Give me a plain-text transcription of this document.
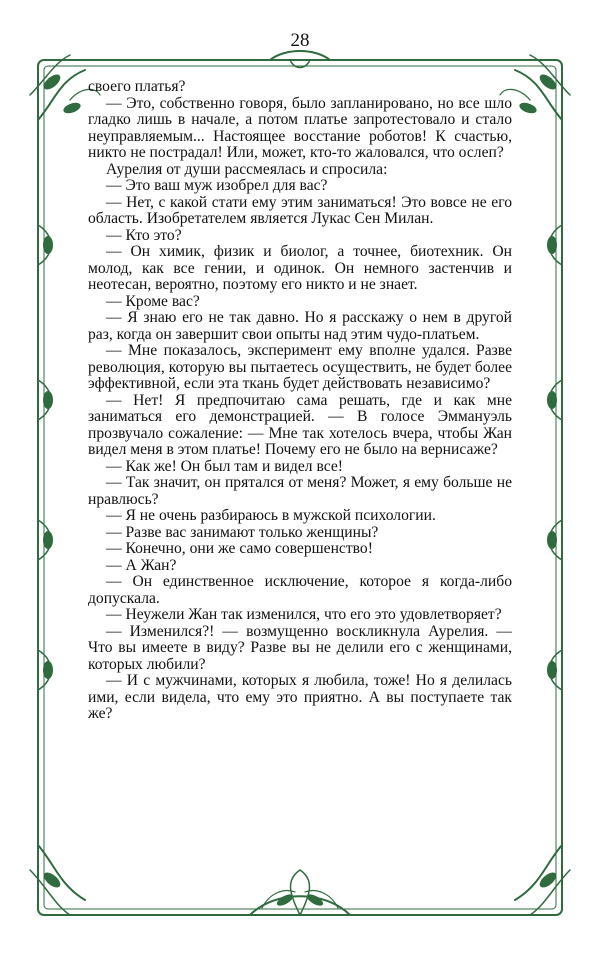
28

своего платья?

— Это, собственно говоря, было запланировано, но все шло гладко лишь в начале, а потом платье запротестовало и стало неуправляемым... Настоящее восстание роботов! К счастью, никто не пострадал! Или, может, кто-то жаловался, что ослеп?

Аурелия от души рассмеялась и спросила:

— Это ваш муж изобрел для вас?

— Нет, с какой стати ему этим заниматься! Это вовсе не его область. Изобретателем является Лукас Сен Милан.

— Кто это?

— Он химик, физик и биолог, а точнее, биотехник. Он молод, как все гении, и одинок. Он немного застенчив и неотесан, вероятно, поэтому его никто и не знает.

— Кроме вас?

— Я знаю его не так давно. Но я расскажу о нем в другой раз, когда он завершит свои опыты над этим чудо-платьем.

— Мне показалось, эксперимент ему вполне удался. Разве революция, которую вы пытаетесь осуществить, не будет более эффективной, если эта ткань будет действовать независимо?

— Нет! Я предпочитаю сама решать, где и как мне заниматься его демонстрацией. — В голосе Эммануэль прозвучало сожаление: — Мне так хотелось вчера, чтобы Жан видел меня в этом платье! Почему его не было на вернисаже?

— Как же! Он был там и видел все!

— Так значит, он прятался от меня? Может, я ему больше не нравлюсь?

— Я не очень разбираюсь в мужской психологии.

— Разве вас занимают только женщины?

— Конечно, они же само совершенство!

— А Жан?

— Он единственное исключение, которое я когда-либо допускала.

— Неужели Жан так изменился, что его это удовлетворяет?

— Изменился?! — возмущенно воскликнула Аурелия. — Что вы имеете в виду? Разве вы не делили его с женщинами, которых любили?

— И с мужчинами, которых я любила, тоже! Но я делилась ими, если видела, что ему это приятно. А вы поступаете так же?
